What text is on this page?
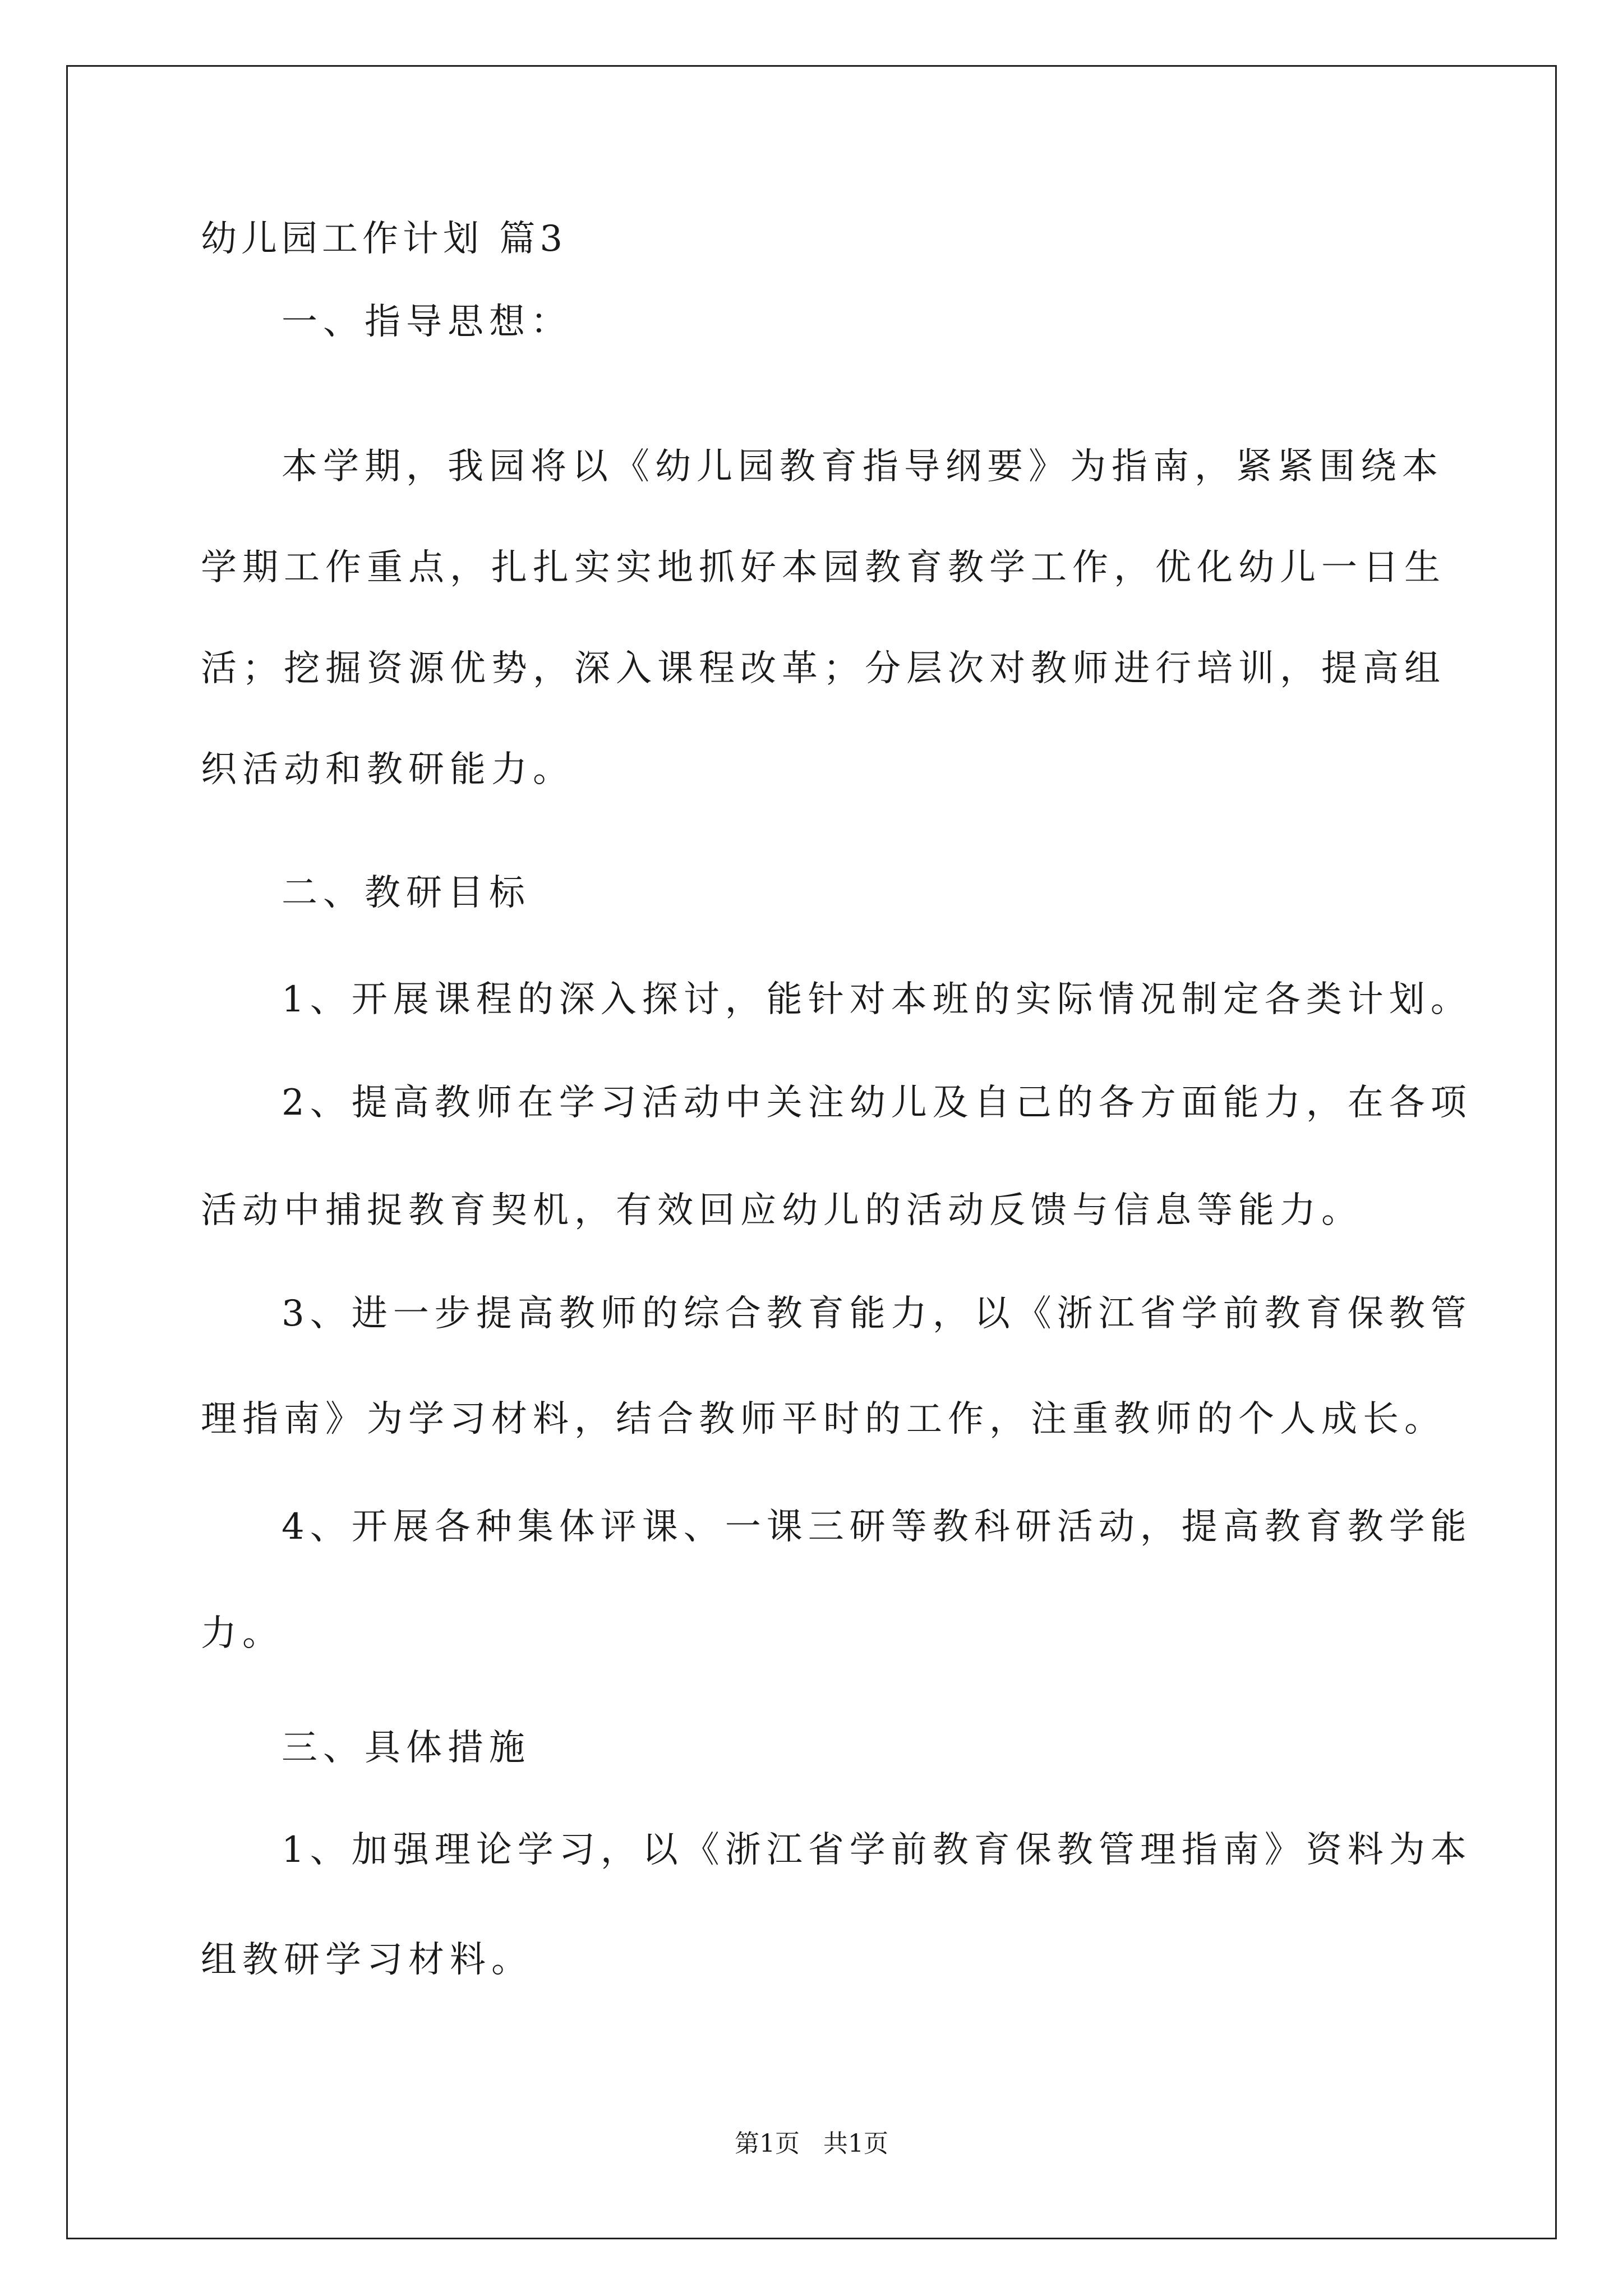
幼儿园工作计划 篇3
一、指导思想：
本学期，我园将以《幼儿园教育指导纲要》为指南，紧紧围绕本
学期工作重点，扎扎实实地抓好本园教育教学工作，优化幼儿一日生
活；挖掘资源优势，深入课程改革；分层次对教师进行培训，提高组
织活动和教研能力。
二、教研目标
1、开展课程的深入探讨，能针对本班的实际情况制定各类计划。
2、提高教师在学习活动中关注幼儿及自己的各方面能力，在各项
活动中捕捉教育契机，有效回应幼儿的活动反馈与信息等能力。
3、进一步提高教师的综合教育能力，以《浙江省学前教育保教管
理指南》为学习材料，结合教师平时的工作，注重教师的个人成长。
4、开展各种集体评课、一课三研等教科研活动，提高教育教学能
力。
三、具体措施
1、加强理论学习，以《浙江省学前教育保教管理指南》资料为本
组教研学习材料。
第1页   共1页
